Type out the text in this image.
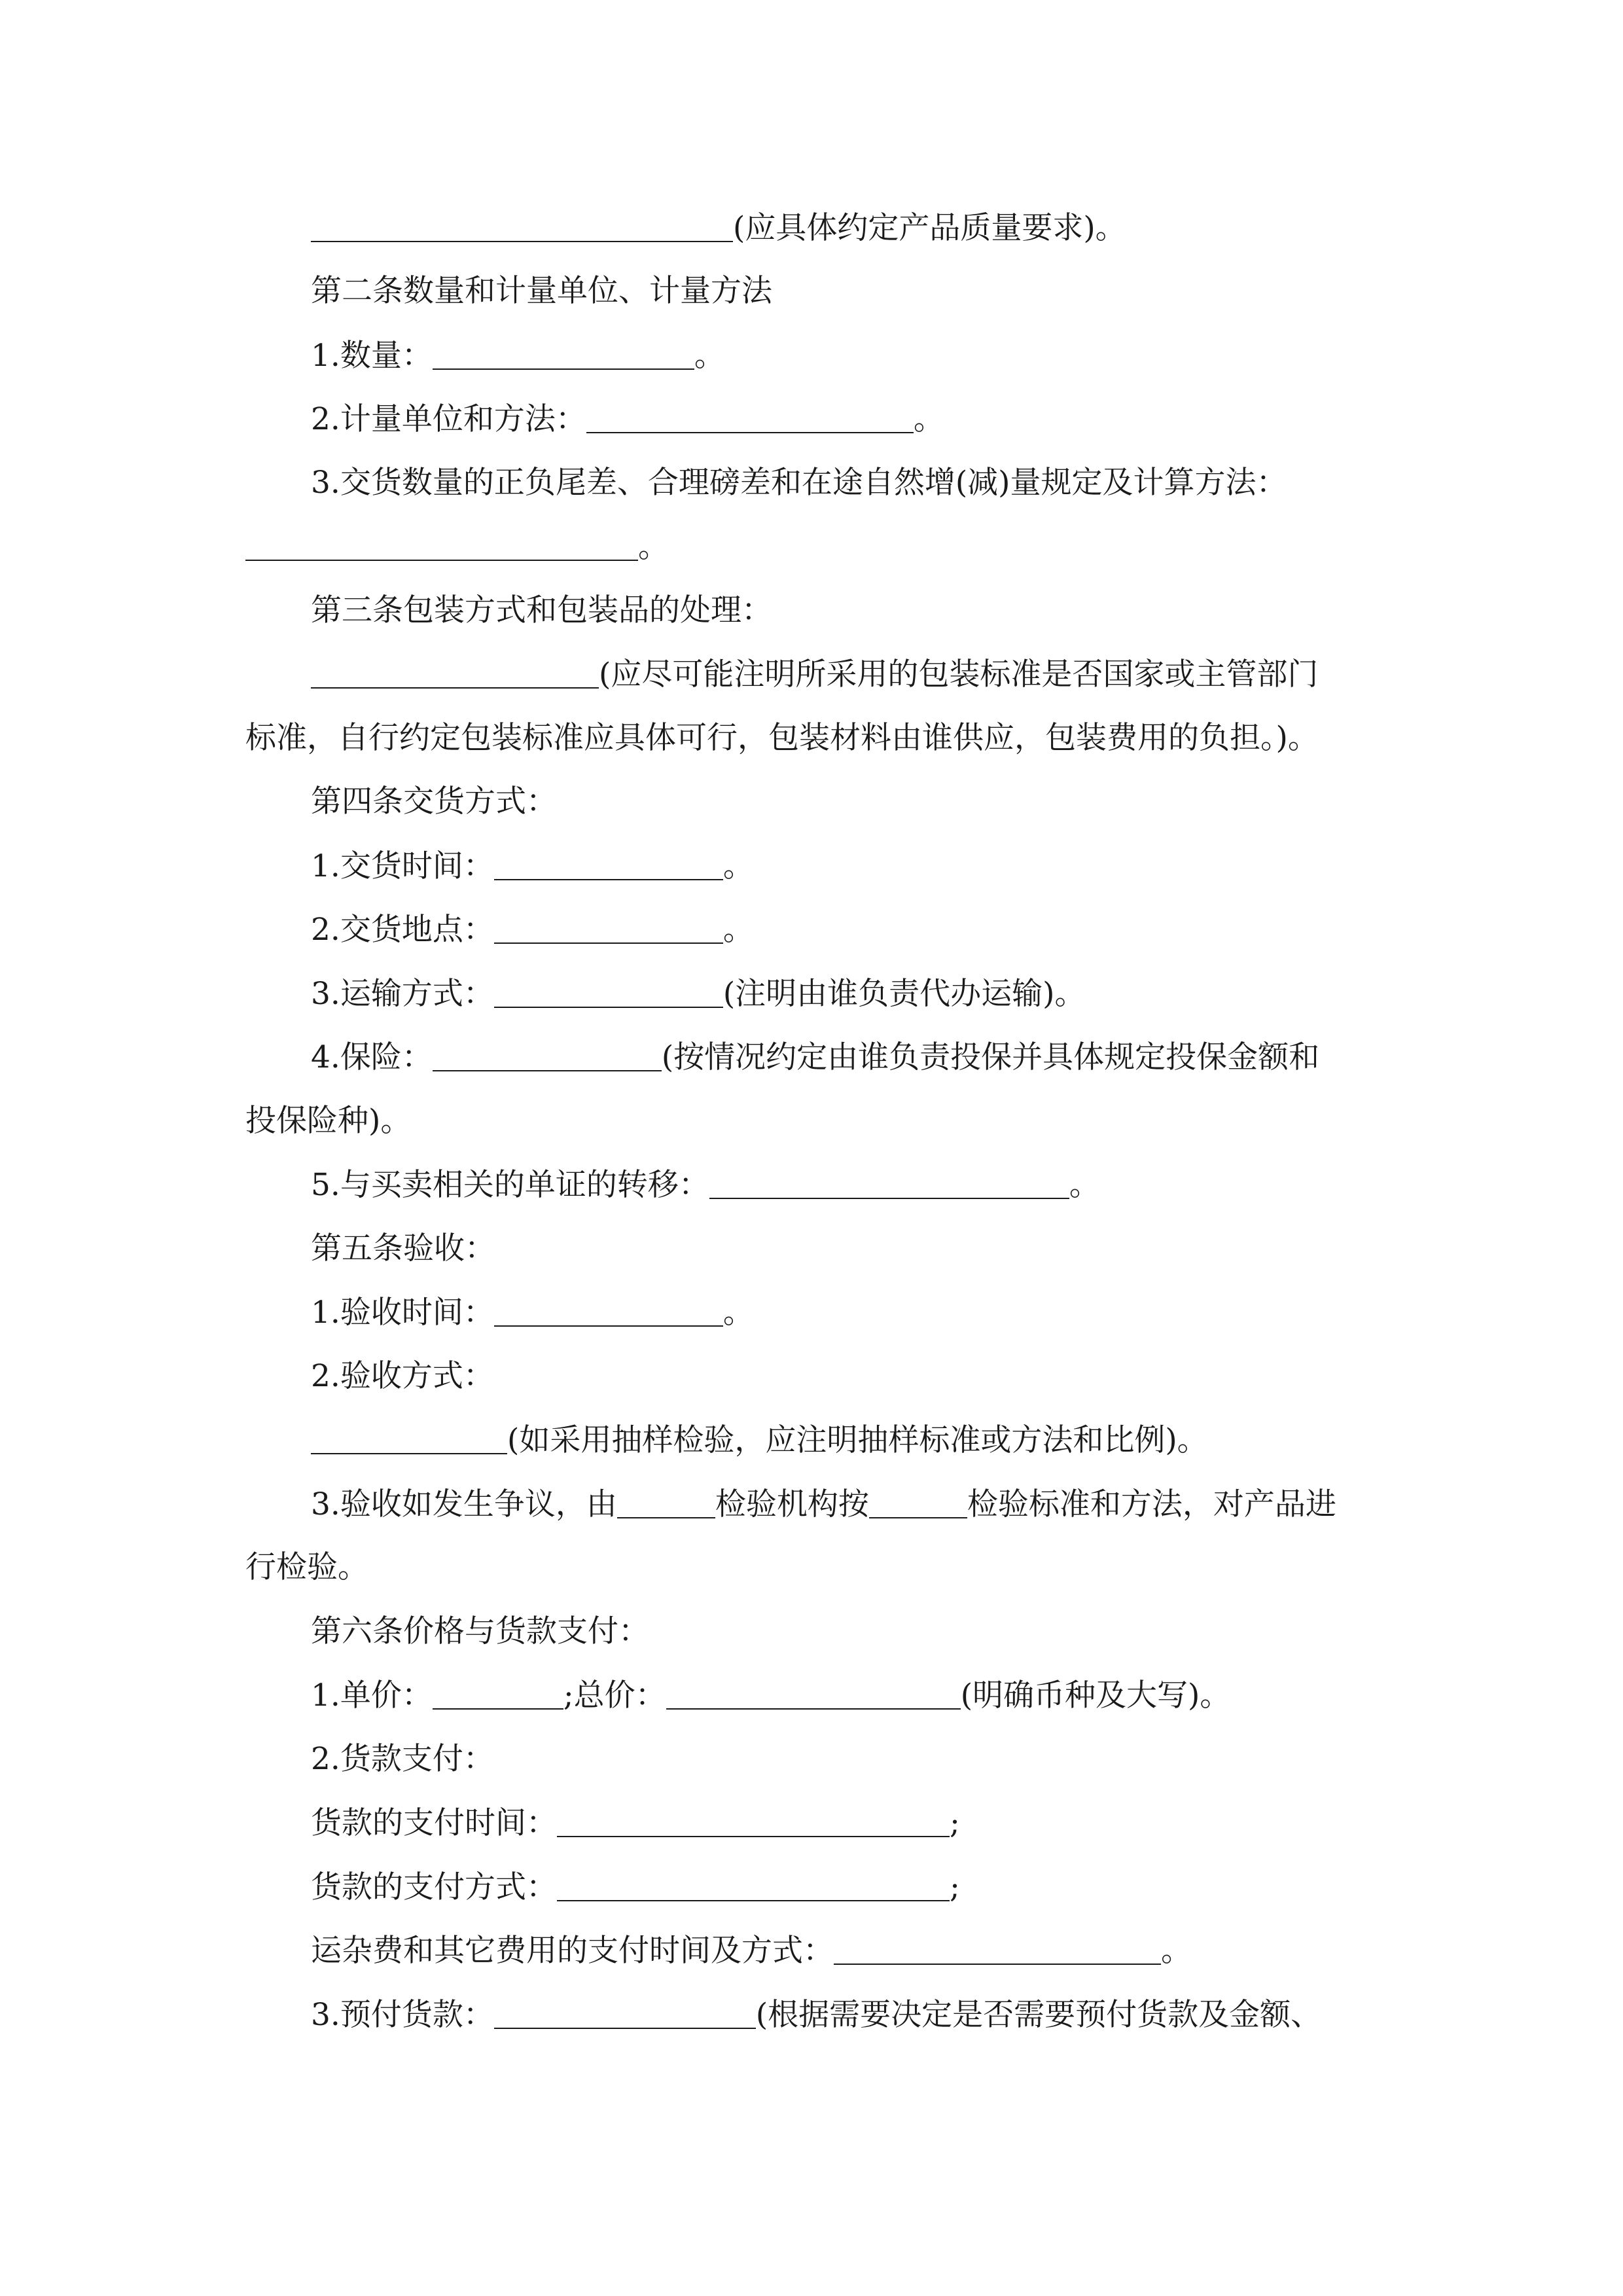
(应具体约定产品质量要求)。
第二条数量和计量单位、计量方法
1.数量：	。
2.计量单位和方法：	。
3.交货数量的正负尾差、合理磅差和在途自然增(减)量规定及计算方法：
。
第三条包装方式和包装品的处理：
(应尽可能注明所采用的包装标准是否国家或主管部门
标准，自行约定包装标准应具体可行，包装材料由谁供应，包装费用的负担。)。
第四条交货方式：
1.交货时间：	。
2.交货地点：	。
3.运输方式：	(注明由谁负责代办运输)。
4.保险：	(按情况约定由谁负责投保并具体规定投保金额和
投保险种)。
5.与买卖相关的单证的转移：	。
第五条验收：
1.验收时间：	。
2.验收方式：
(如采用抽样检验，应注明抽样标准或方法和比例)。
3.验收如发生争议，由	检验机构按	检验标准和方法，对产品进
行检验。
第六条价格与货款支付：
1.单价：	;总价：	(明确币种及大写)。
2.货款支付：
货款的支付时间：	;
货款的支付方式：	;
运杂费和其它费用的支付时间及方式：	。
3.预付货款：	(根据需要决定是否需要预付货款及金额、
